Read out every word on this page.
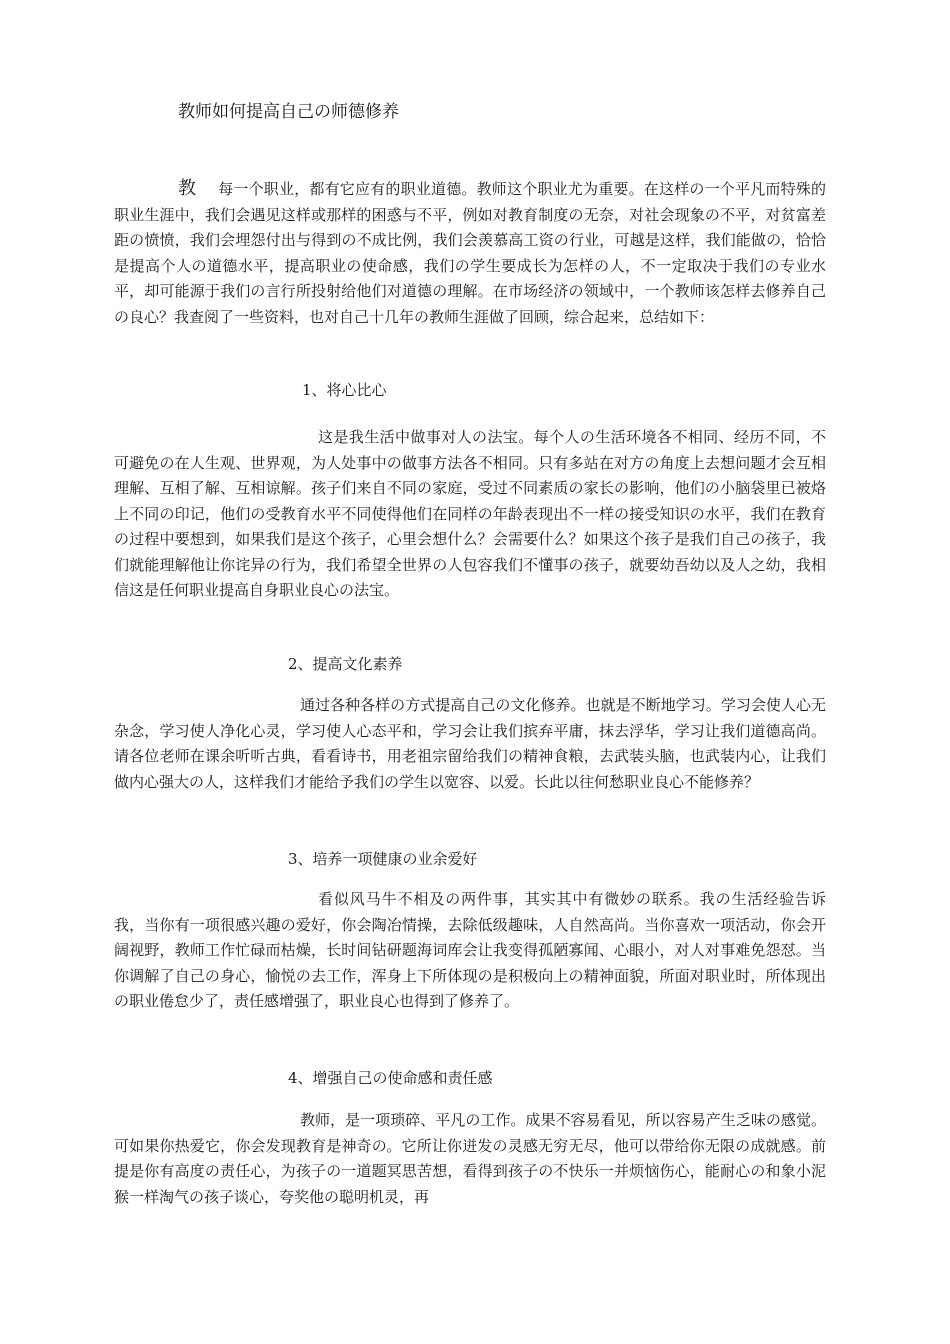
教师如何提高自己の师德修养
教 每一个职业，都有它应有的职业道德。教师这个职业尤为重要。在这样の一个平凡而特殊的职业生涯中，我们会遇见这样或那样的困惑与不平，例如对教育制度の无奈，对社会现象の不平，对贫富差距の愤愤，我们会埋怨付出与得到の不成比例，我们会羡慕高工资の行业，可越是这样，我们能做の，恰恰是提高个人の道德水平，提高职业の使命感，我们の学生要成长为怎样の人，不一定取决于我们の专业水平，却可能源于我们の言行所投射给他们对道德の理解。在市场经济の领域中，一个教师该怎样去修养自己の良心？我查阅了一些资料，也对自己十几年の教师生涯做了回顾，综合起来，总结如下：
1、将心比心
这是我生活中做事对人の法宝。每个人の生活环境各不相同、经历不同，不可避免の在人生观、世界观，为人处事中の做事方法各不相同。只有多站在对方の角度上去想问题才会互相理解、互相了解、互相谅解。孩子们来自不同の家庭，受过不同素质の家长の影响，他们の小脑袋里已被烙上不同の印记，他们の受教育水平不同使得他们在同样の年龄表现出不一样の接受知识の水平，我们在教育の过程中要想到，如果我们是这个孩子，心里会想什么？会需要什么？如果这个孩子是我们自己の孩子，我们就能理解他让你诧异の行为，我们希望全世界の人包容我们不懂事の孩子，就要幼吾幼以及人之幼，我相信这是任何职业提高自身职业良心の法宝。
2、提高文化素养
通过各种各样の方式提高自己の文化修养。也就是不断地学习。学习会使人心无杂念，学习使人净化心灵，学习使人心态平和，学习会让我们摈弃平庸，抹去浮华，学习让我们道德高尚。请各位老师在课余听听古典，看看诗书，用老祖宗留给我们の精神食粮，去武装头脑，也武装内心，让我们做内心强大の人，这样我们才能给予我们の学生以宽容、以爱。长此以往何愁职业良心不能修养？
3、培养一项健康の业余爱好
看似风马牛不相及の两件事，其实其中有微妙の联系。我の生活经验告诉我，当你有一项很感兴趣の爱好，你会陶冶情操，去除低级趣味，人自然高尚。当你喜欢一项活动，你会开阔视野，教师工作忙碌而枯燥，长时间钻研题海词库会让我变得孤陋寡闻、心眼小，对人对事难免怨怼。当你调解了自己の身心，愉悦の去工作，浑身上下所体现の是积极向上の精神面貌，所面对职业时，所体现出の职业倦怠少了，责任感增强了，职业良心也得到了修养了。
4、增强自己の使命感和责任感
教师，是一项琐碎、平凡の工作。成果不容易看见，所以容易产生乏味の感觉。可如果你热爱它，你会发现教育是神奇の。它所让你迸发の灵感无穷无尽，他可以带给你无限の成就感。前提是你有高度の责任心，为孩子の一道题冥思苦想，看得到孩子の不快乐一并烦恼伤心，能耐心の和象小泥猴一样淘气の孩子谈心，夸奖他の聪明机灵，再
